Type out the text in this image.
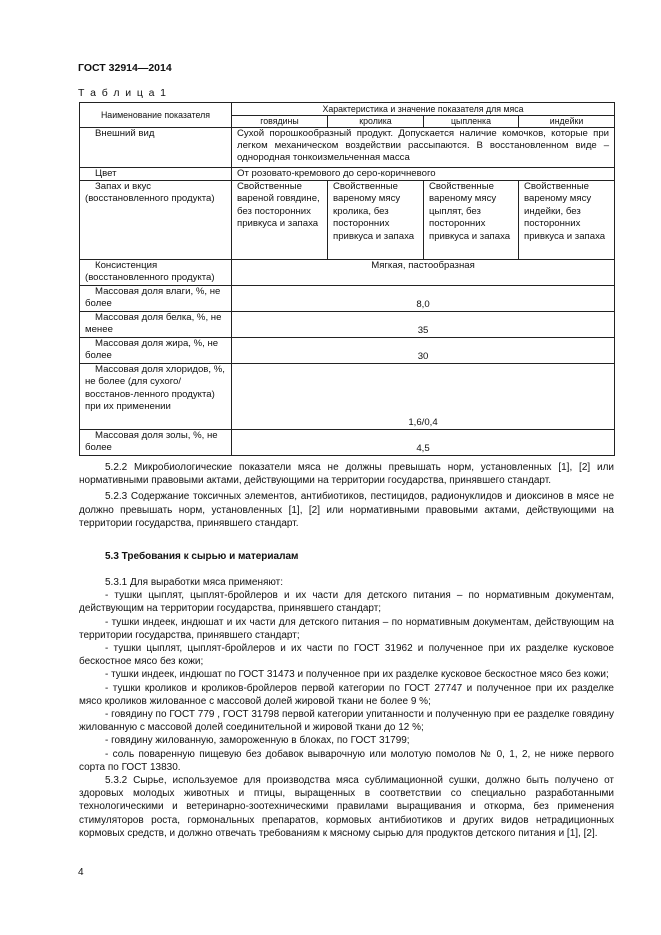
ГОСТ 32914—2014
Т а б л и ц а 1
Наименование показателя	Характеристика и значение показателя для мяса			
	говядины	кролика	цыпленка	индейки
Внешний вид	Сухой порошкообразный продукт. Допускается наличие комочков, которые при легком механическом воздействии рассыпаются. В восстановленном виде – однородная тонкоизмельченная масса			
Цвет	От розовато-кремового до серо-коричневого			
Запах и вкус (восстановленного продукта)	Свойственные вареной говядине, без посторонних привкуса и запаха	Свойственные вареному мясу кролика, без посторонних привкуса и запаха	Свойственные вареному мясу цыплят, без посторонних привкуса и запаха	Свойственные вареному мясу индейки, без посторонних привкуса и запаха
Консистенция (восстановленного продукта)	Мягкая, пастообразная			
Массовая доля влаги, %, не более	8,0			
Массовая доля белка, %, не менее	35			
Массовая доля жира, %, не более	30			
Массовая доля хлоридов, %, не более (для сухого/восстанов-ленного продукта) при их применении	1,6/0,4			
Массовая доля золы, %, не более	4,5			

5.2.2 Микробиологические показатели мяса не должны превышать норм, установленных [1], [2] или нормативными правовыми актами, действующими на территории государства, принявшего стандарт.

5.2.3 Содержание токсичных элементов, антибиотиков, пестицидов, радионуклидов и диоксинов в мясе не должно превышать норм, установленных [1], [2] или нормативными правовыми актами, действующими на территории государства, принявшего стандарт.

5.3 Требования к сырью и материалам

5.3.1 Для выработки мяса применяют:

- тушки цыплят, цыплят-бройлеров и их части для детского питания – по нормативным документам, действующим на территории государства, принявшего стандарт;

- тушки индеек, индюшат и их части для детского питания – по нормативным документам, действующим на территории государства, принявшего стандарт;

- тушки цыплят, цыплят-бройлеров и их части по ГОСТ 31962 и полученное при их разделке кусковое бескостное мясо без кожи;

- тушки индеек, индюшат по ГОСТ 31473 и полученное при их разделке кусковое бескостное мясо без кожи;

- тушки кроликов и кроликов-бройлеров первой категории по ГОСТ 27747 и полученное при их разделке мясо кроликов жилованное с массовой долей жировой ткани не более 9 %;

- говядину по ГОСТ 779 , ГОСТ 31798 первой категории упитанности и полученную при ее разделке говядину жилованную с массовой долей соединительной и жировой ткани до 12 %;

- говядину жилованную, замороженную в блоках, по ГОСТ 31799;

- соль поваренную пищевую без добавок выварочную или молотую помолов № 0, 1, 2, не ниже первого сорта по ГОСТ 13830.

5.3.2 Сырье, используемое для производства мяса сублимационной сушки, должно быть получено от здоровых молодых животных и птицы, выращенных в соответствии со специально разработанными технологическими и ветеринарно-зоотехническими правилами выращивания и откорма, без применения стимуляторов роста, гормональных препаратов, кормовых антибиотиков и других видов нетрадиционных кормовых средств, и должно отвечать требованиям к мясному сырью для продуктов детского питания и [1], [2].

4
